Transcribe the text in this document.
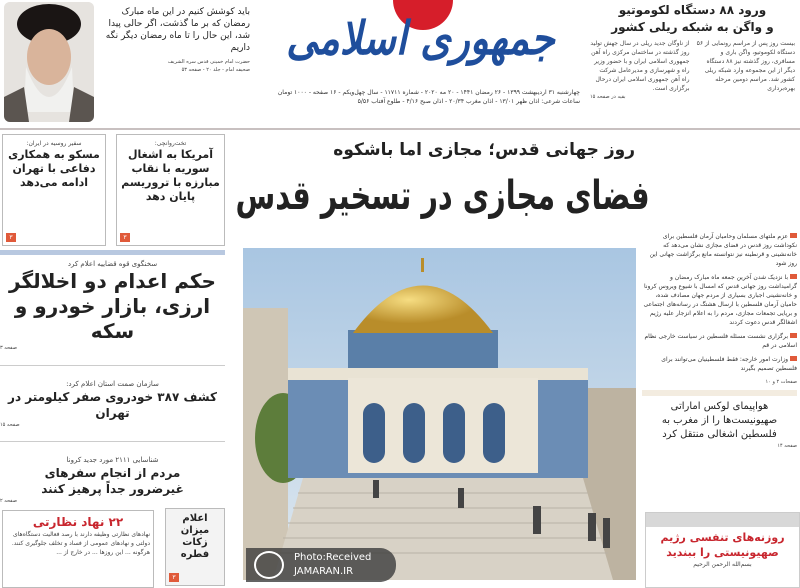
باید کوشش کنیم در این ماه مبارک رمضان که بر ما گذشت، اگر حالی پیدا شد، این حال را تا ماه رمضان دیگر نگه داریم
حضرت امام خمینی قدس سره الشریف
صحیفه امام - جلد ۲۰ - صفحه ۵۳
جمهوری اسلامی
چهارشنبه ۳۱ اردیبهشت ۱۳۹۹ - ۲۶ رمضان ۱۴۴۱ - ۲۰ مه ۲۰۲۰ - شماره ۱۱۷۱۱ - سال چهل‌ویکم - ۱۶ صفحه - ۱۰۰۰ تومان
ساعات شرعی: اذان ظهر ۱۳/۰۱ - اذان مغرب ۲۰/۳۴ - اذان صبح ۴/۱۶ - طلوع آفتاب ۵/۵۶
ورود ۸۸ دستگاه لکوموتیو
و واگن به شبکه ریلی کشور
بیست روز پس از مراسم رونمایی از ۵۶ دستگاه لکوموتیو، واگن باری و مسافری، روز گذشته نیز ۸۸ دستگاه دیگر از این مجموعه وارد شبکه ریلی کشور شد. مراسم دومین مرحله بهره‌برداری
از ناوگان جدید ریلی در سال جهش تولید روز گذشته در ساختمان مرکزی راه آهن جمهوری اسلامی ایران و با حضور وزیر راه و شهرسازی و مدیرعامل شرکت راه آهن جمهوری اسلامی ایران درحال برگزاری است.
بقیه در صفحه ۱۵
سفیر روسیه در ایران:
مسکو به همکاری دفاعی با تهران ادامه می‌دهد
۳
تخت‌روانچی:
آمریکا به اشغال سوریه با نقاب مبارزه با تروریسم پایان دهد
۳
سخنگوی قوه قضاییه اعلام کرد
حکم اعدام دو اخلالگر ارزی، بازار خودرو و سکه
صفحه ۳
سازمان صمت استان اعلام کرد:
کشف ۳۸۷ خودروی صفر کیلومتر در تهران
صفحه ۱۵
شناسایی ۲۱۱۱ مورد جدید کرونا
مردم از انجام سفرهای غیرضرور جداً پرهیز کنند
صفحه ۲
۲۲ نهاد نظارتی
نهادهای نظارتی وظیفه دارند با رصد فعالیت دستگاه‌های دولتی و نهادهای عمومی از فساد و تخلف جلوگیری کنند. هرگونه ... این روزها ... در خارج از ...
اعلام میزان زکات فطره
۳
روز جهانی قدس؛ مجازی اما باشکوه
فضای مجازی در تسخیر قدس
Photo:Received
JAMARAN.IR
عزم ملتهای مسلمان وحامیان آرمان فلسطین برای نکوداشت روز قدس در فضای مجازی نشان می‌دهد که خانه‌نشینی و قرنطینه نیز نتوانسته مانع برگزاشت جهانی این روز شود
با نزدیک شدن آخرین جمعه ماه مبارک رمضان و گرامیداشت روز جهانی قدس که امسال با شیوع ویروس کرونا و خانه‌نشینی اجباری بسیاری از مردم جهان مصادف شده، حامیان آرمان فلسطین با ارسال هشتگ در رسانه‌های اجتماعی و برپایی تجمعات مجازی، مردم را به اعلام انزجار علیه رژیم اشغالگر قدس دعوت کردند
برگزاری نشست مسئله فلسطین در سیاست خارجی نظام اسلامی در قم
وزارت امور خارجه: فقط فلسطینیان می‌توانند برای فلسطین تصمیم بگیرند
صفحات ۲ و ۱۰
هواپیمای لوکس اماراتی صهیونیست‌ها را از مغرب به فلسطین اشغالی منتقل کرد
صفحه ۱۴
روزنه‌های تنفسی رژیم صهیونیستی را ببندید
بسم‌الله الرحمن الرحیم
